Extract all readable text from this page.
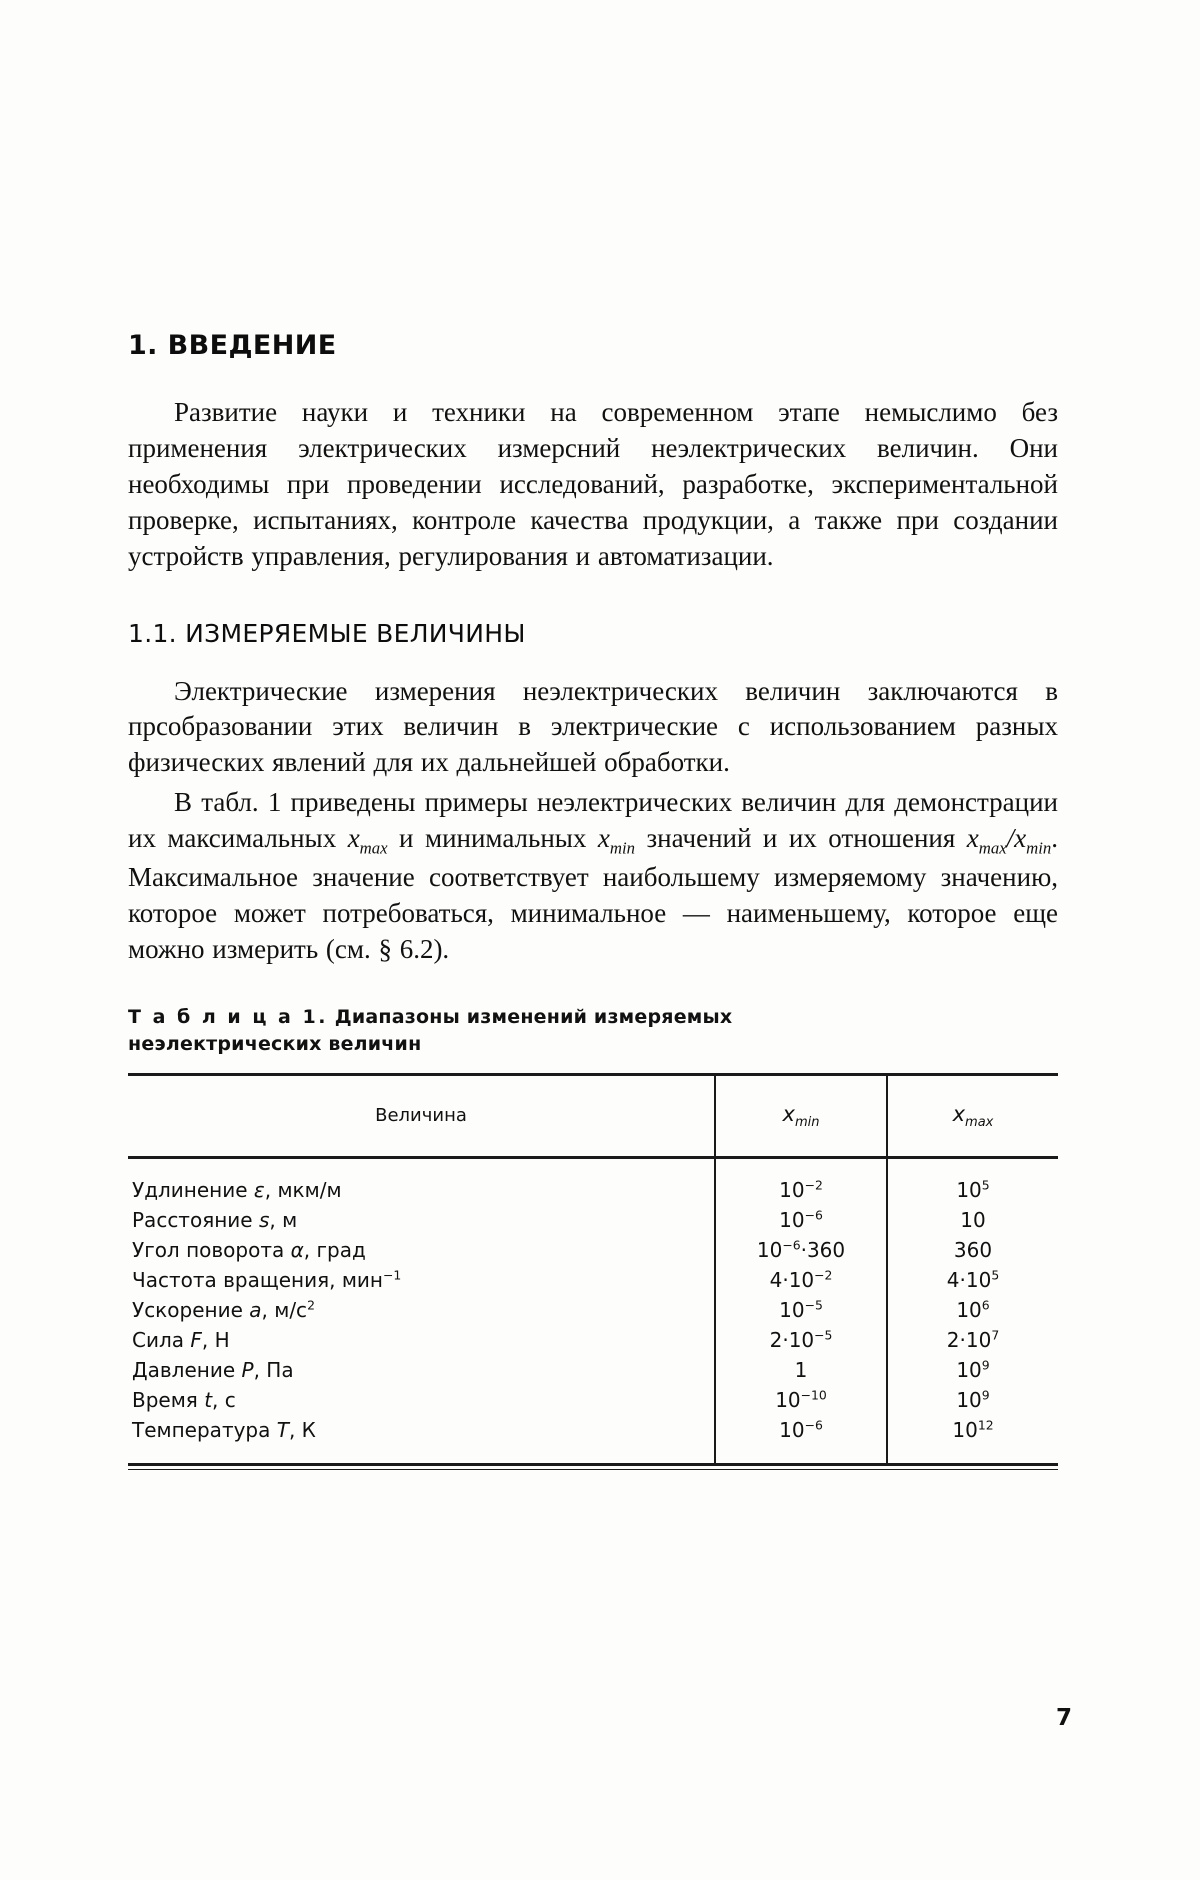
1. ВВЕДЕНИЕ

Развитие науки и техники на современном этапе немыслимо без применения электрических измерсний неэлектрических величин. Они необходимы при проведении исследований, разработке, экспериментальной проверке, испытаниях, контроле качества продукции, а также при создании устройств управления, регулирования и автоматизации.

1.1. ИЗМЕРЯЕМЫЕ ВЕЛИЧИНЫ

Электрические измерения неэлектрических величин заключаются в прсобразовании этих величин в электрические с использованием разных физических явлений для их дальнейшей обработки.

В табл. 1 приведены примеры неэлектрических величин для демонстрации их максимальных $x_{max}$ и минимальных $x_{min}$ значений и их отношения $x_{max}/x_{min}$. Максимальное значение соответствует наибольшему измеряемому значению, которое может потребоваться, минимальное — наименьшему, которое еще можно измерить (см. § 6.2).

Т а б л и ц а 1. Диапазоны изменений измеряемых
неэлектрических величин
Величина	$x_{min}$	$x_{max}$
Удлинение ε, мкм/м	$10^{-2}$	$10^5$
Расстояние s, м	$10^{-6}$	10
Угол поворота α, град	$10^{-6}\cdot 360$	360
Частота вращения, мин$^{-1}$	$4\cdot 10^{-2}$	$4\cdot 10^5$
Ускорение a, $м/с^2$	$10^{-5}$	$10^6$
Сила F, Н	$2\cdot 10^{-5}$	$2\cdot 10^7$
Давление P, Па	1	$10^9$
Время t, с	$10^{-10}$	$10^9$
Температура T, К	$10^{-6}$	$10^{12}$
7
